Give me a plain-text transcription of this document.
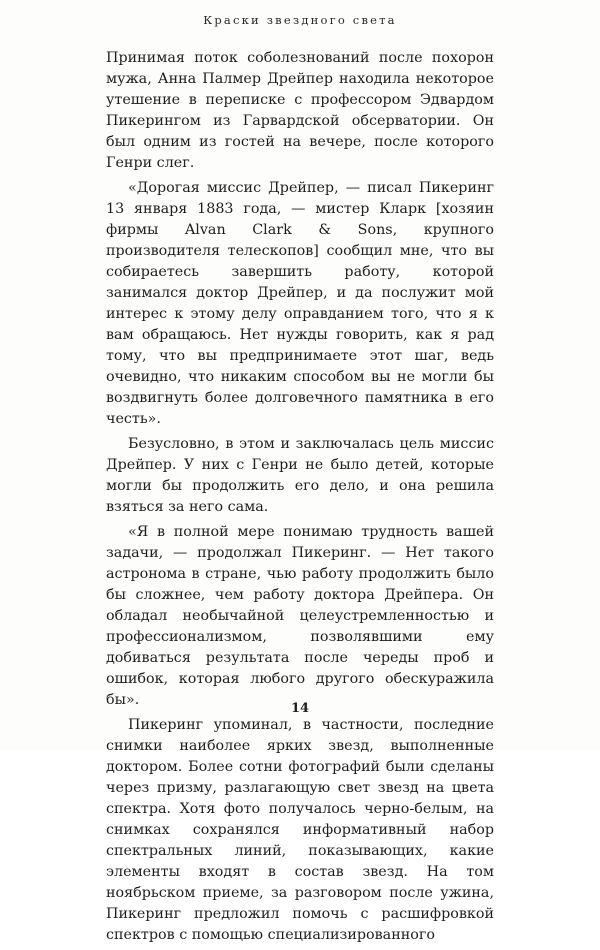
Краски звездного света

Принимая поток соболезнований после похорон мужа, Анна Палмер Дрейпер находила некоторое утешение в переписке с профессором Эдвардом Пикерингом из Гарвардской обсерватории. Он был одним из гостей на вечере, после которого Генри слег.

«Дорогая миссис Дрейпер, — писал Пикеринг 13 января 1883 года, — мистер Кларк [хозяин фирмы Alvan Clark & Sons, крупного производителя телескопов] сообщил мне, что вы собираетесь завершить работу, которой занимался доктор Дрейпер, и да послужит мой интерес к этому делу оправданием того, что я к вам обращаюсь. Нет нужды говорить, как я рад тому, что вы предпринимаете этот шаг, ведь очевидно, что никаким способом вы не могли бы воздвигнуть более долговечного памятника в его честь».

Безусловно, в этом и заключалась цель миссис Дрейпер. У них с Генри не было детей, которые могли бы продолжить его дело, и она решила взяться за него сама.

«Я в полной мере понимаю трудность вашей задачи, — продолжал Пикеринг. — Нет такого астронома в стране, чью работу продолжить было бы сложнее, чем работу доктора Дрейпера. Он обладал необычайной целеустремленностью и профессионализмом, позволявшими ему добиваться результата после череды проб и ошибок, которая любого другого обескуражила бы».

Пикеринг упоминал, в частности, последние снимки наиболее ярких звезд, выполненные доктором. Более сотни фотографий были сделаны через призму, разлагающую свет звезд на цвета спектра. Хотя фото получалось черно-белым, на снимках сохранялся информативный набор спектральных линий, показывающих, какие элементы входят в состав звезд. На том ноябрьском приеме, за разговором после ужина, Пикеринг предложил помочь с расшифровкой спектров с помощью специализированного

14
